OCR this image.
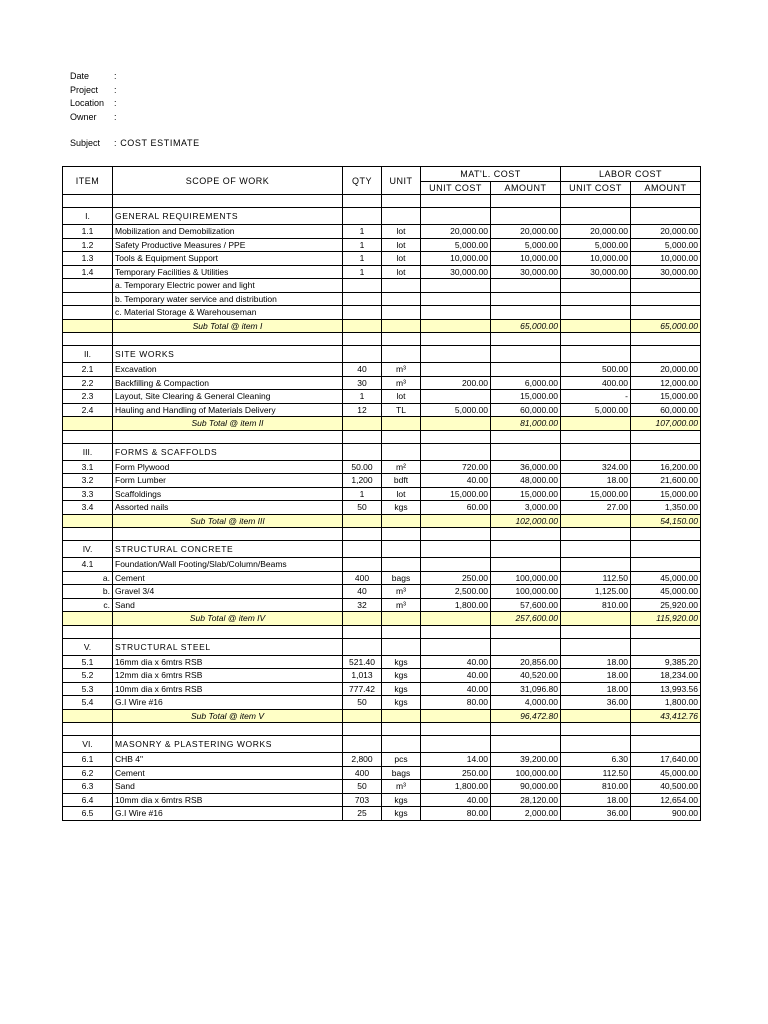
Date	:
Project	:
Location	:
Owner	:
Subject	: COST ESTIMATE
ITEM	SCOPE OF WORK	QTY	UNIT	MAT'L. COST		LABOR COST	
				UNIT COST	AMOUNT	UNIT COST	AMOUNT

I.	GENERAL REQUIREMENTS						
1.1	Mobilization and Demobilization	1	lot	20,000.00	20,000.00	20,000.00	20,000.00
1.2	Safety Productive Measures / PPE	1	lot	5,000.00	5,000.00	5,000.00	5,000.00
1.3	Tools & Equipment Support	1	lot	10,000.00	10,000.00	10,000.00	10,000.00
1.4	Temporary Facilities & Utilities	1	lot	30,000.00	30,000.00	30,000.00	30,000.00
	a. Temporary Electric power and light						
	b. Temporary water service and distribution						
	c. Material Storage & Warehouseman						
	Sub Total @ item I				65,000.00		65,000.00

II.	SITE WORKS						
2.1	Excavation	40	m³			500.00	20,000.00
2.2	Backfilling & Compaction	30	m³	200.00	6,000.00	400.00	12,000.00
2.3	Layout, Site Clearing & General Cleaning	1	lot		15,000.00	-	15,000.00
2.4	Hauling and Handling of Materials Delivery	12	TL	5,000.00	60,000.00	5,000.00	60,000.00
	Sub Total @ item II				81,000.00		107,000.00

III.	FORMS & SCAFFOLDS						
3.1	Form Plywood	50.00	m²	720.00	36,000.00	324.00	16,200.00
3.2	Form Lumber	1,200	bdft	40.00	48,000.00	18.00	21,600.00
3.3	Scaffoldings	1	lot	15,000.00	15,000.00	15,000.00	15,000.00
3.4	Assorted nails	50	kgs	60.00	3,000.00	27.00	1,350.00
	Sub Total @ item III				102,000.00		54,150.00

IV.	STRUCTURAL CONCRETE						
4.1	Foundation/Wall Footing/Slab/Column/Beams						
a.	Cement	400	bags	250.00	100,000.00	112.50	45,000.00
b.	Gravel 3/4	40	m³	2,500.00	100,000.00	1,125.00	45,000.00
c.	Sand	32	m³	1,800.00	57,600.00	810.00	25,920.00
	Sub Total @ item IV				257,600.00		115,920.00

V.	STRUCTURAL STEEL						
5.1	16mm dia x 6mtrs RSB	521.40	kgs	40.00	20,856.00	18.00	9,385.20
5.2	12mm dia x 6mtrs RSB	1,013	kgs	40.00	40,520.00	18.00	18,234.00
5.3	10mm dia x 6mtrs RSB	777.42	kgs	40.00	31,096.80	18.00	13,993.56
5.4	G.I Wire #16	50	kgs	80.00	4,000.00	36.00	1,800.00
	Sub Total @ item V				96,472.80		43,412.76

VI.	MASONRY & PLASTERING WORKS						
6.1	CHB 4"	2,800	pcs	14.00	39,200.00	6.30	17,640.00
6.2	Cement	400	bags	250.00	100,000.00	112.50	45,000.00
6.3	Sand	50	m³	1,800.00	90,000.00	810.00	40,500.00
6.4	10mm dia x 6mtrs RSB	703	kgs	40.00	28,120.00	18.00	12,654.00
6.5	G.I Wire #16	25	kgs	80.00	2,000.00	36.00	900.00
